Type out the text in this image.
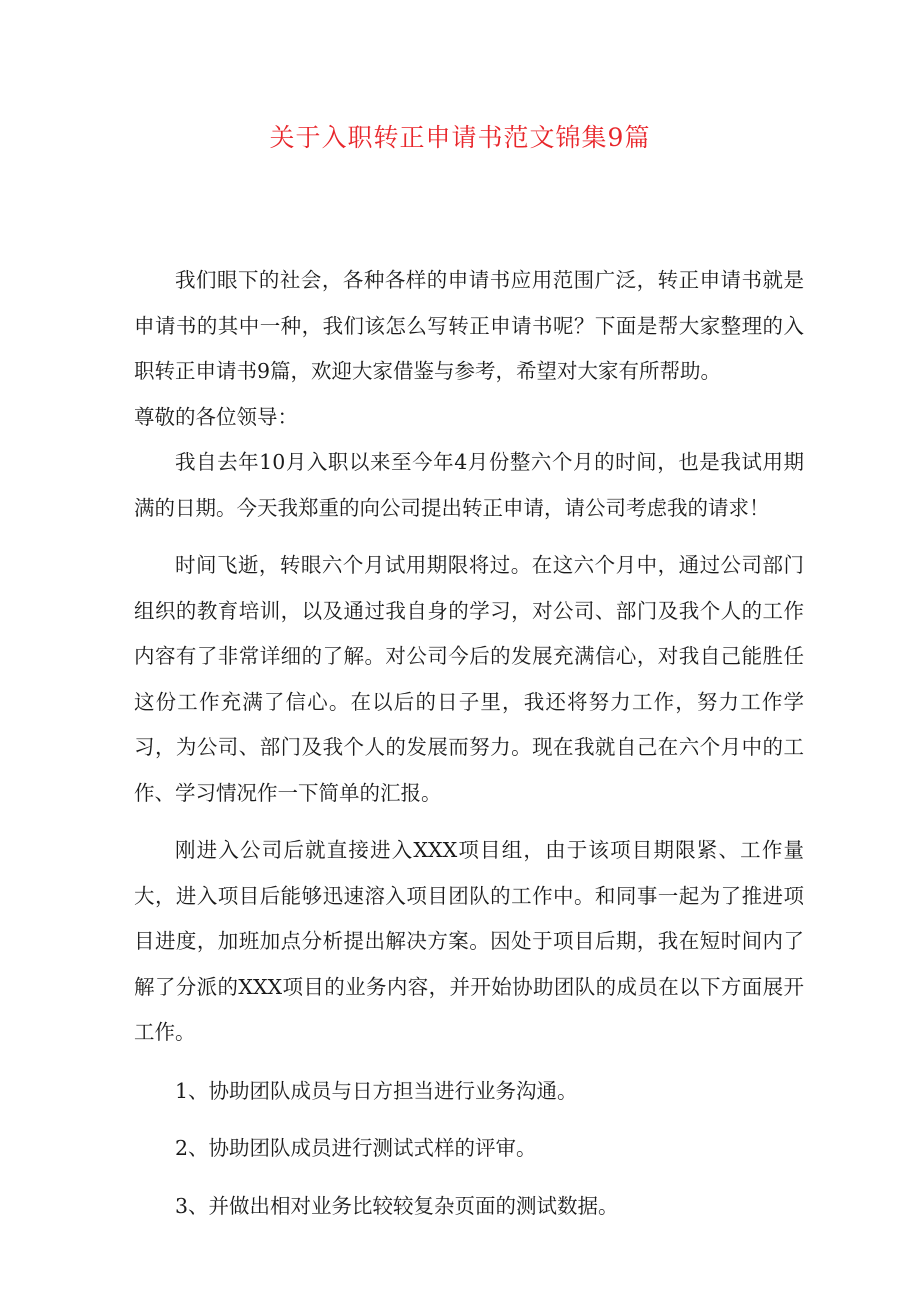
关于入职转正申请书范文锦集9篇

我们眼下的社会，各种各样的申请书应用范围广泛，转正申请书就是申请书的其中一种，我们该怎么写转正申请书呢？下面是帮大家整理的入职转正申请书9篇，欢迎大家借鉴与参考，希望对大家有所帮助。

尊敬的各位领导：

我自去年10月入职以来至今年4月份整六个月的时间，也是我试用期满的日期。今天我郑重的向公司提出转正申请，请公司考虑我的请求！

时间飞逝，转眼六个月试用期限将过。在这六个月中，通过公司部门组织的教育培训，以及通过我自身的学习，对公司、部门及我个人的工作内容有了非常详细的了解。对公司今后的发展充满信心，对我自己能胜任这份工作充满了信心。在以后的日子里，我还将努力工作，努力工作学习，为公司、部门及我个人的发展而努力。现在我就自己在六个月中的工作、学习情况作一下简单的汇报。

刚进入公司后就直接进入XXX项目组，由于该项目期限紧、工作量大，进入项目后能够迅速溶入项目团队的工作中。和同事一起为了推进项目进度，加班加点分析提出解决方案。因处于项目后期，我在短时间内了解了分派的XXX项目的业务内容，并开始协助团队的成员在以下方面展开工作。

1、协助团队成员与日方担当进行业务沟通。

2、协助团队成员进行测试式样的评审。

3、并做出相对业务比较较复杂页面的测试数据。
